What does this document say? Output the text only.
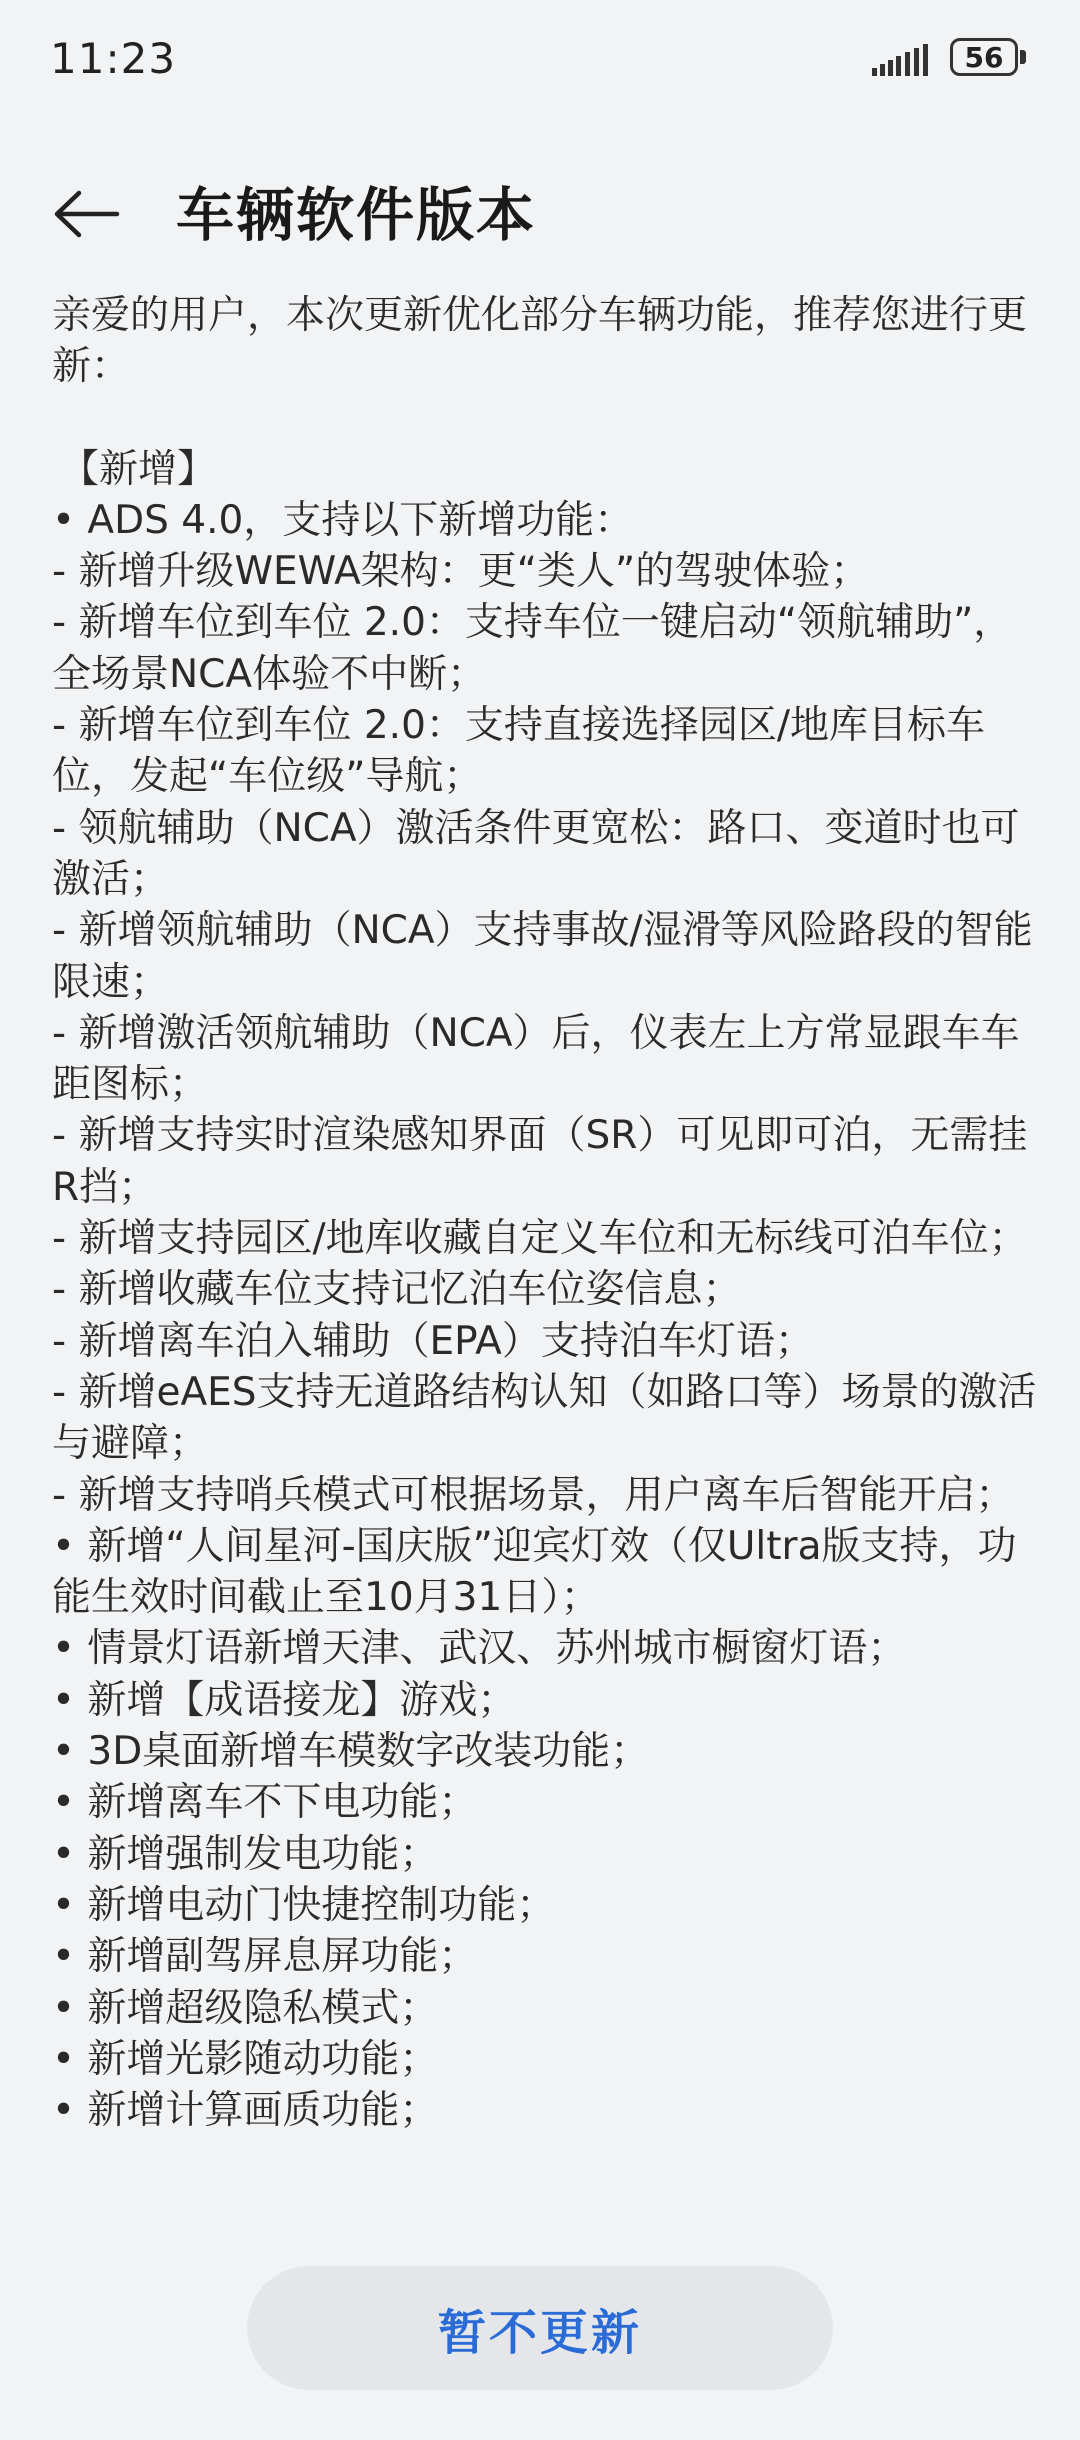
11:23	56
车辆软件版本

亲爱的用户，本次更新优化部分车辆功能，推荐您进行更新：

【新增】

• ADS 4.0，支持以下新增功能：

- 新增升级WEWA架构：更“类人”的驾驶体验；

- 新增车位到车位 2.0：支持车位一键启动“领航辅助”，全场景NCA体验不中断；

- 新增车位到车位 2.0：支持直接选择园区/地库目标车位，发起“车位级”导航；

- 领航辅助（NCA）激活条件更宽松：路口、变道时也可激活；

- 新增领航辅助（NCA）支持事故/湿滑等风险路段的智能限速；

- 新增激活领航辅助（NCA）后，仪表左上方常显跟车车距图标；

- 新增支持实时渲染感知界面（SR）可见即可泊，无需挂R挡；

- 新增支持园区/地库收藏自定义车位和无标线可泊车位；

- 新增收藏车位支持记忆泊车位姿信息；

- 新增离车泊入辅助（EPA）支持泊车灯语；

- 新增eAES支持无道路结构认知（如路口等）场景的激活与避障；

- 新增支持哨兵模式可根据场景，用户离车后智能开启；

• 新增“人间星河-国庆版”迎宾灯效（仅Ultra版支持，功能生效时间截止至10月31日）；

• 情景灯语新增天津、武汉、苏州城市橱窗灯语；

• 新增【成语接龙】游戏；

• 3D桌面新增车模数字改装功能；

• 新增离车不下电功能；

• 新增强制发电功能；

• 新增电动门快捷控制功能；

• 新增副驾屏息屏功能；

• 新增超级隐私模式；

• 新增光影随动功能；

• 新增计算画质功能；

暂不更新
